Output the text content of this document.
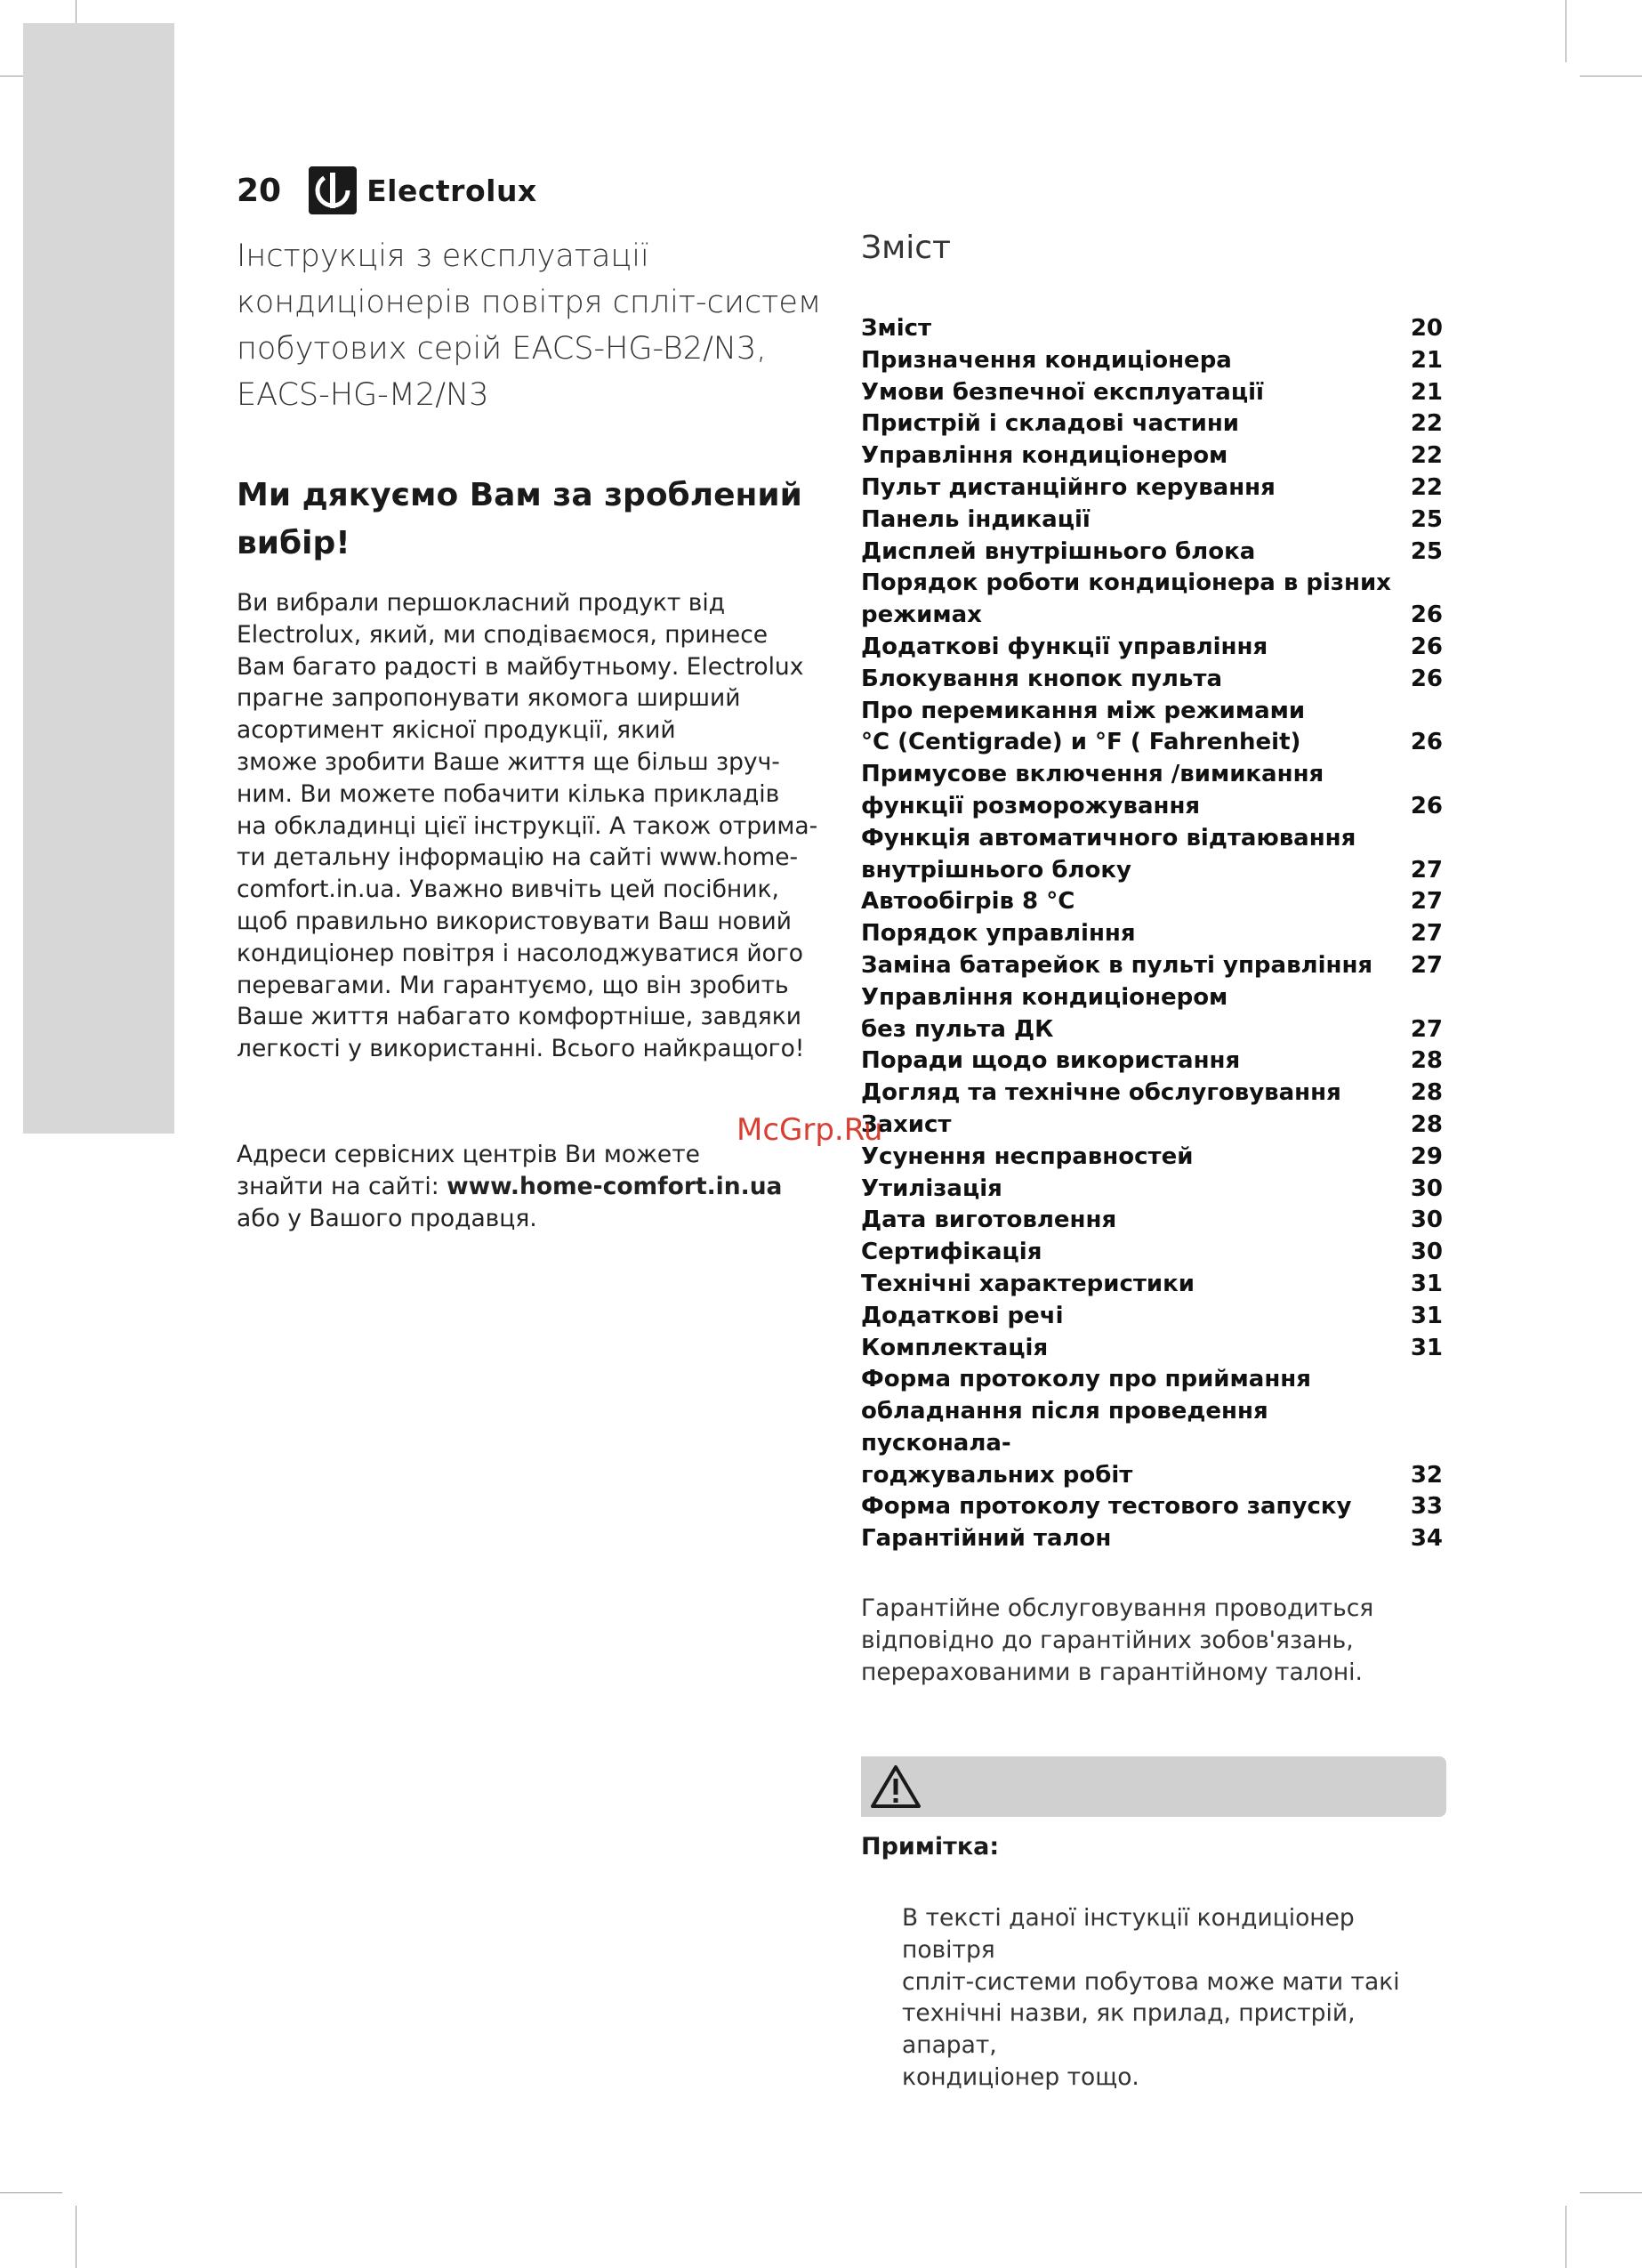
20	Electrolux
Інструкція з експлуатації кондиціонерів повітря спліт-систем побутових серій EACS-HG-B2/N3, EACS-HG-M2/N3
Ми дякуємо Вам за зроблений вибір!
Ви вибрали першокласний продукт від
Electrolux, який, ми сподіваємося, принесе
Вам багато радості в майбутньому. Electrolux
прагне запропонувати якомога ширший
асортимент якісної продукції, який
зможе зробити Ваше життя ще більш зруч-
ним. Ви можете побачити кілька прикладів
на обкладинці цієї інструкції. А також отрима-
ти детальну інформацію на сайті www.home-
comfort.in.ua. Уважно вивчіть цей посібник,
щоб правильно використовувати Ваш новий
кондиціонер повітря і насолоджуватися його
перевагами. Ми гарантуємо, що він зробить
Ваше життя набагато комфортніше, завдяки
легкості у використанні. Всього найкращого!
Адреси сервісних центрів Ви можете
знайти на сайті: www.home-comfort.in.ua
або у Вашого продавця.
Зміст
Зміст	20
Призначення кондиціонера	21
Умови безпечної експлуатації	21
Пристрій і складові частини	22
Управління кондиціонером	22
Пульт дистанційнго керування	22
Панель індикації	25
Дисплей внутрішнього блока	25
Порядок роботи кондиціонера в різних
режимах	26
Додаткові функції управління	26
Блокування кнопок пульта	26
Про перемикання між режимами
°C (Centigrade) и °F ( Fahrenheit)	26
Примусове включення /вимикання
функції розморожування	26
Функція автоматичного відтаювання
внутрішнього блоку	27
Автообігрів 8 °С	27
Порядок управління	27
Заміна батарейок в пульті управління	27
Управління кондиціонером
без пульта ДК	27
Поради щодо використання	28
Догляд та технічне обслуговування	28
Захист	28
Усунення несправностей	29
Утилізація	30
Дата виготовлення	30
Сертифікація	30
Технічні характеристики	31
Додаткові речі	31
Комплектація	31
Форма протоколу про приймання
обладнання після проведення пусконала-
годжувальних робіт	32
Форма протоколу тестового запуску	33
Гарантійний талон	34
Гарантійне обслуговування проводиться
відповідно до гарантійних зобов'язань,
перерахованими в гарантійному талоні.
Примітка:
В тексті даної інстукції кондиціонер повітря
спліт-системи побутова може мати такі
технічні назви, як прилад, пристрій, апарат,
кондиціонер тощо.
McGrp.Ru
